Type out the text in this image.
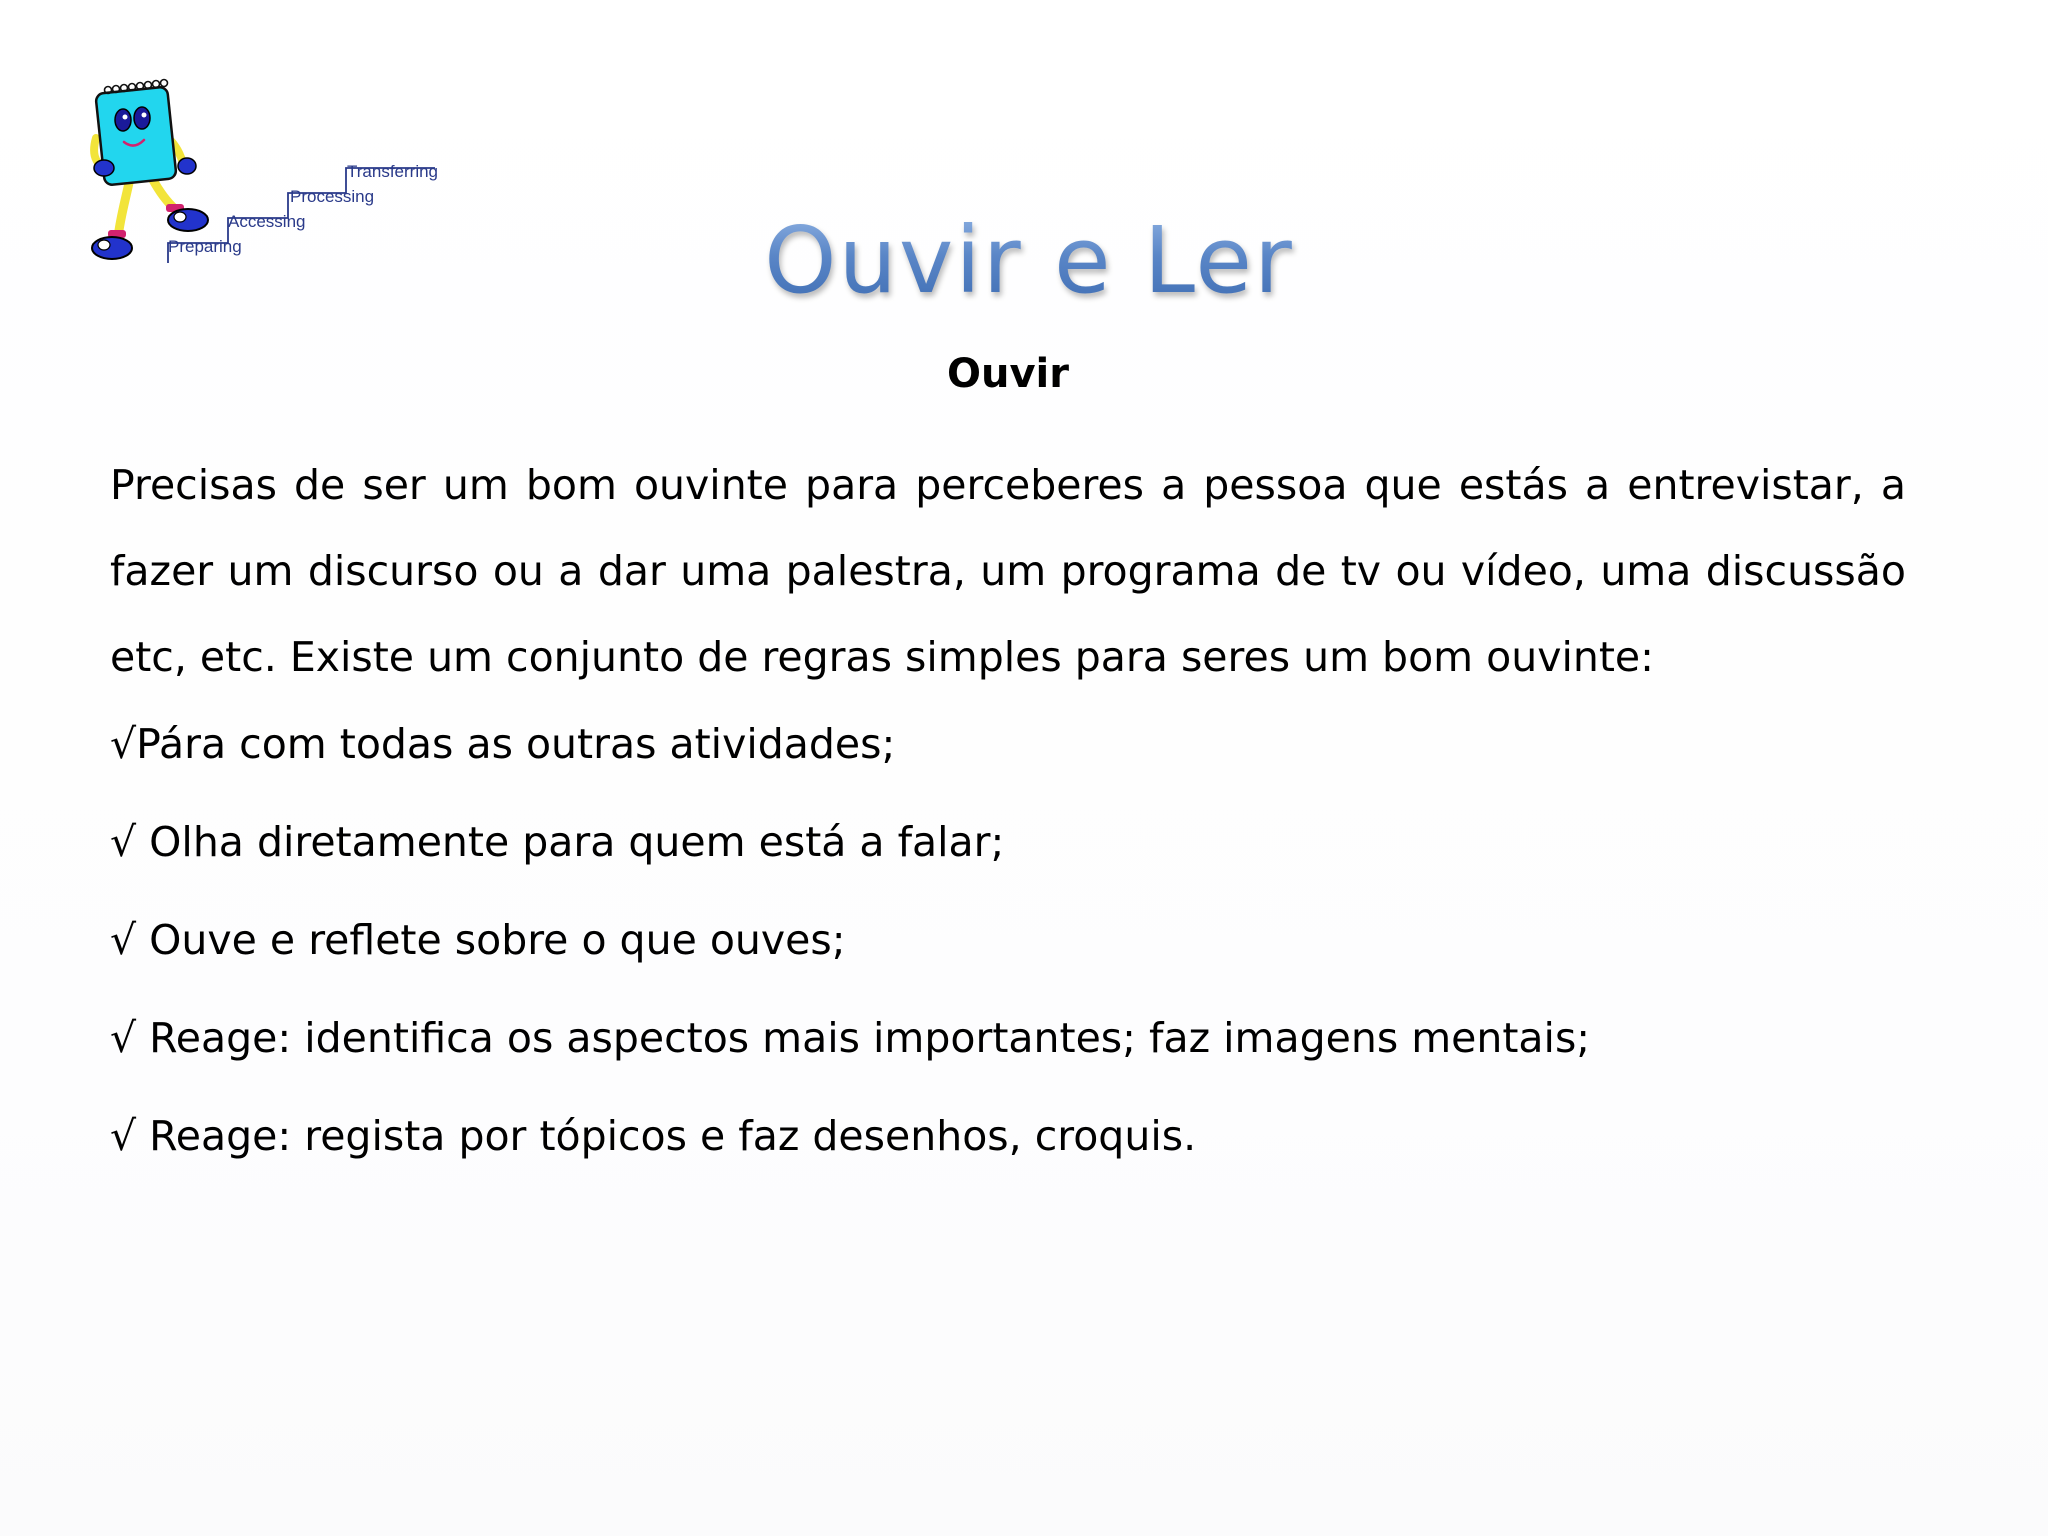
Transferring
Processing
Accessing
Preparing	Ouvir e Ler
Ouvir

Precisas de ser um bom ouvinte para perceberes a pessoa que estás a entrevistar, a fazer um discurso ou a dar uma palestra, um programa de tv ou vídeo, uma discussão etc, etc. Existe um conjunto de regras simples para seres um bom ouvinte:

√Pára com todas as outras atividades;
√ Olha diretamente para quem está a falar;
√ Ouve e reflete sobre o que ouves;
√ Reage: identifica os aspectos mais importantes; faz imagens mentais;
√ Reage: regista por tópicos e faz desenhos, croquis.
